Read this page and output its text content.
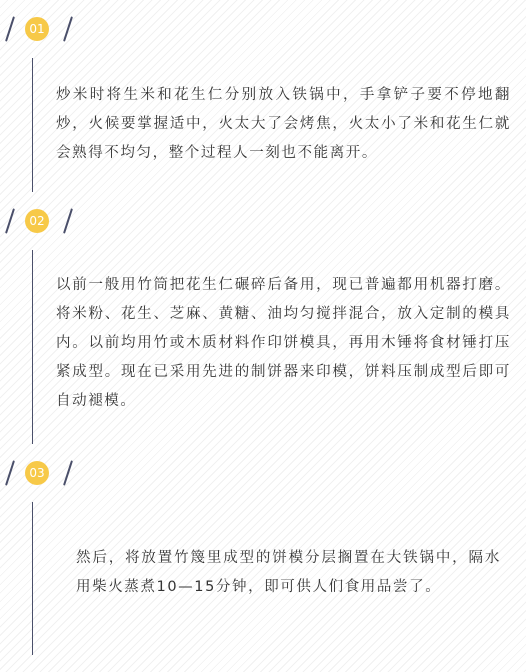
01

炒米时将生米和花生仁分别放入铁锅中，手拿铲子要不停地翻炒，火候要掌握适中，火太大了会烤焦，火太小了米和花生仁就会熟得不均匀，整个过程人一刻也不能离开。

02

以前一般用竹筒把花生仁碾碎后备用，现已普遍都用机器打磨。将米粉、花生、芝麻、黄糖、油均匀搅拌混合，放入定制的模具内。以前均用竹或木质材料作印饼模具，再用木锤将食材锤打压紧成型。现在已采用先进的制饼器来印模，饼料压制成型后即可自动褪模。

03

然后，将放置竹篾里成型的饼模分层搁置在大铁锅中，隔水用柴火蒸煮10—15分钟，即可供人们食用品尝了。
